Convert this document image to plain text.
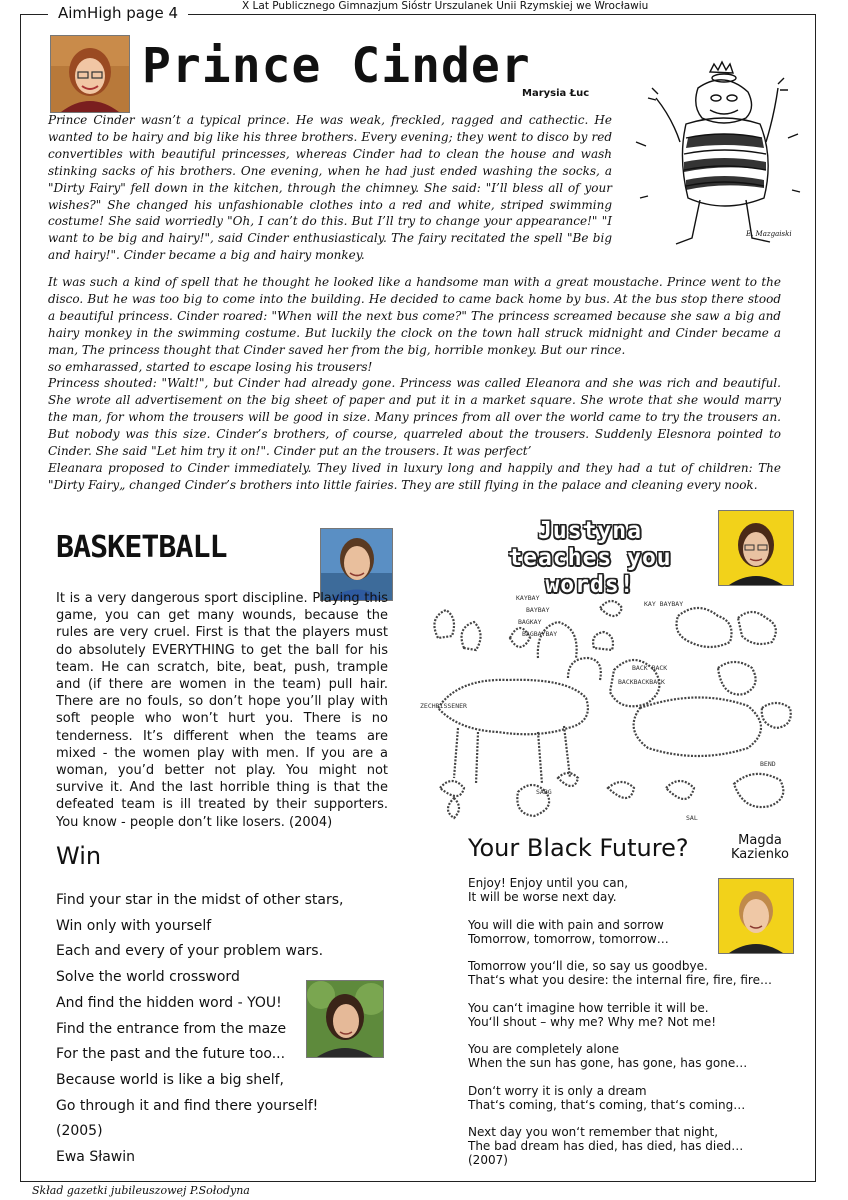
AimHigh page 4	X Lat Publicznego Gimnazjum Sióstr Urszulanek Unii Rzymskiej we Wrocławiu
Prince Cinder
Marysia Łuc
E. Mazgaiski

Prince Cinder wasn’t a typical prince. He was weak, freckled, ragged and cathectic. He wanted to be hairy and big like his three brothers. Every evening; they went to disco by red convertibles with beautiful princesses, whereas Cinder had to clean the house and wash stinking sacks of his brothers. One evening, when he had just ended washing the socks, a "Dirty Fairy" fell down in the kitchen, through the chimney. She said: "I’ll bless all of your wishes?" She changed his unfashionable clothes into a red and white, striped swimming costume! She said worriedly "Oh, I can’t do this. But I’ll try to change your appearance!" "I want to be big and hairy!", said Cinder enthusiasticaly. The fairy recitated the spell "Be big and hairy!". Cinder became a big and hairy monkey.

It was such a kind of spell that he thought he looked like a handsome man with a great moustache. Prince went to the disco. But he was too big to come into the building. He decided to came back home by bus. At the bus stop there stood a beautiful princess. Cinder roared: "When will the next bus come?" The princess screamed because she saw a big and hairy monkey in the swimming costume. But luckily the clock on the town hall struck midnight and Cinder became a man, The princess thought that Cinder saved her from the big, horrible monkey. But our rince.

so emharassed, started to escape losing his trousers!

Princess shouted: "Walt!", but Cinder had already gone. Princess was called Eleanora and she was rich and beautiful. She wrote all advertisement on the big sheet of paper and put it in a market square. She wrote that she would marry the man, for whom the trousers will be good in size. Many princes from all over the world came to try the trousers an. But nobody was this size. Cinder’s brothers, of course, quarreled about the trousers. Suddenly Elesnora pointed to Cinder. She said "Let him try it on!". Cinder put an the trousers. It was perfect’

Eleanara proposed to Cinder immediately. They lived in luxury long and happily and they had a tut of children: The "Dirty Fairy„ changed Cinder’s brothers into little fairies. They are still flying in the palace and cleaning every nook.

BASKETBALL
It is a very dangerous sport discipline. Playing this game, you can get many wounds, because the rules are very cruel. First is that the players must do absolutely EVERYTHING to get the ball for his team. He can scratch, bite, beat, push, trample and (if there are women in the team) pull hair. There are no fouls, so don’t hope you’ll play with soft people who won’t hurt you. There is no tenderness. It’s different when the teams are mixed - the women play with men. If you are a woman, you’d better not play. You might not survive it. And the last horrible thing is that the defeated team is ill treated by their supporters. You know - people don’t like losers. (2004)
Justyna
teaches you
words!
KAYBAY
BAYBAY
BAGKAY
BAGBAYBAY
KAY BAYBAY
BACK BACK
BACKBACKBACK
ZECHRISSENER
SABG
BEND
SAL
Win
Find your star in the midst of other stars,
Win only with yourself
Each and every of your problem wars.
Solve the world crossword
And find the hidden word - YOU!
Find the entrance from the maze
For the past and the future too...
Because world is like a big shelf,
Go through it and find there yourself!
(2005)
Ewa Sławin
Your Black Future?	Magda
Kazienko
Enjoy! Enjoy until you can,
It will be worse next day.
You will die with pain and sorrow
Tomorrow, tomorrow, tomorrow…
Tomorrow you‘ll die, so say us goodbye.
That‘s what you desire: the internal fire, fire, fire…
You can‘t imagine how terrible it will be.
You‘ll shout – why me? Why me? Not me!
You are completely alone
When the sun has gone, has gone, has gone…
Don‘t worry it is only a dream
That‘s coming, that‘s coming, that‘s coming…
Next day you won‘t remember that night,
The bad dream has died, has died, has died…
(2007)
Skład gazetki jubileuszowej P.Sołodyna
